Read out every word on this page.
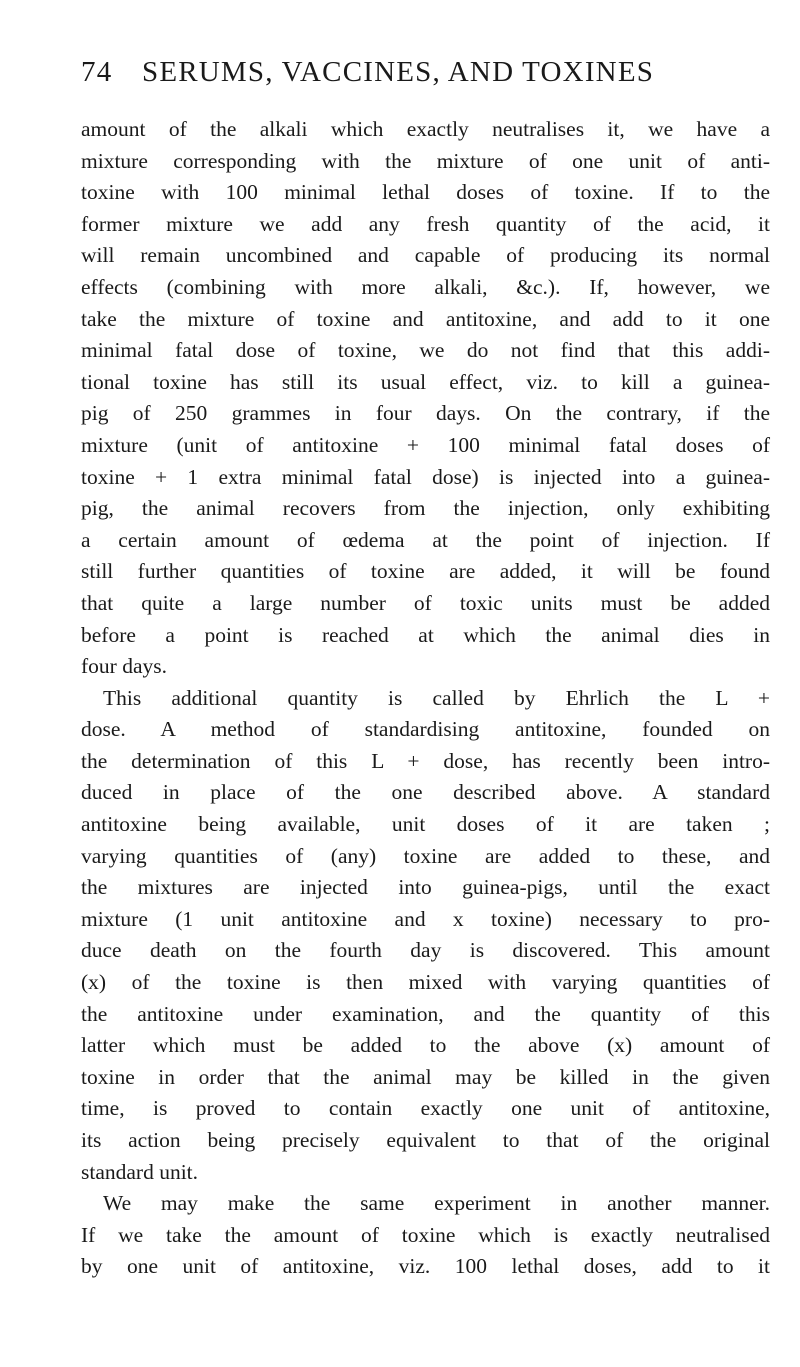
74 SERUMS, VACCINES, AND TOXINES

amount of the alkali which exactly neutralises it, we have a
mixture corresponding with the mixture of one unit of anti-
toxine with 100 minimal lethal doses of toxine. If to the
former mixture we add any fresh quantity of the acid, it
will remain uncombined and capable of producing its normal
effects (combining with more alkali, &c.). If, however, we
take the mixture of toxine and antitoxine, and add to it one
minimal fatal dose of toxine, we do not find that this addi-
tional toxine has still its usual effect, viz. to kill a guinea-
pig of 250 grammes in four days. On the contrary, if the
mixture (unit of antitoxine + 100 minimal fatal doses of
toxine + 1 extra minimal fatal dose) is injected into a guinea-
pig, the animal recovers from the injection, only exhibiting
a certain amount of œdema at the point of injection. If
still further quantities of toxine are added, it will be found
that quite a large number of toxic units must be added
before a point is reached at which the animal dies in
four days.

This additional quantity is called by Ehrlich the L +
dose. A method of standardising antitoxine, founded on
the determination of this L + dose, has recently been intro-
duced in place of the one described above. A standard
antitoxine being available, unit doses of it are taken ;
varying quantities of (any) toxine are added to these, and
the mixtures are injected into guinea-pigs, until the exact
mixture (1 unit antitoxine and x toxine) necessary to pro-
duce death on the fourth day is discovered. This amount
(x) of the toxine is then mixed with varying quantities of
the antitoxine under examination, and the quantity of this
latter which must be added to the above (x) amount of
toxine in order that the animal may be killed in the given
time, is proved to contain exactly one unit of antitoxine,
its action being precisely equivalent to that of the original
standard unit.

We may make the same experiment in another manner.
If we take the amount of toxine which is exactly neutralised
by one unit of antitoxine, viz. 100 lethal doses, add to it
